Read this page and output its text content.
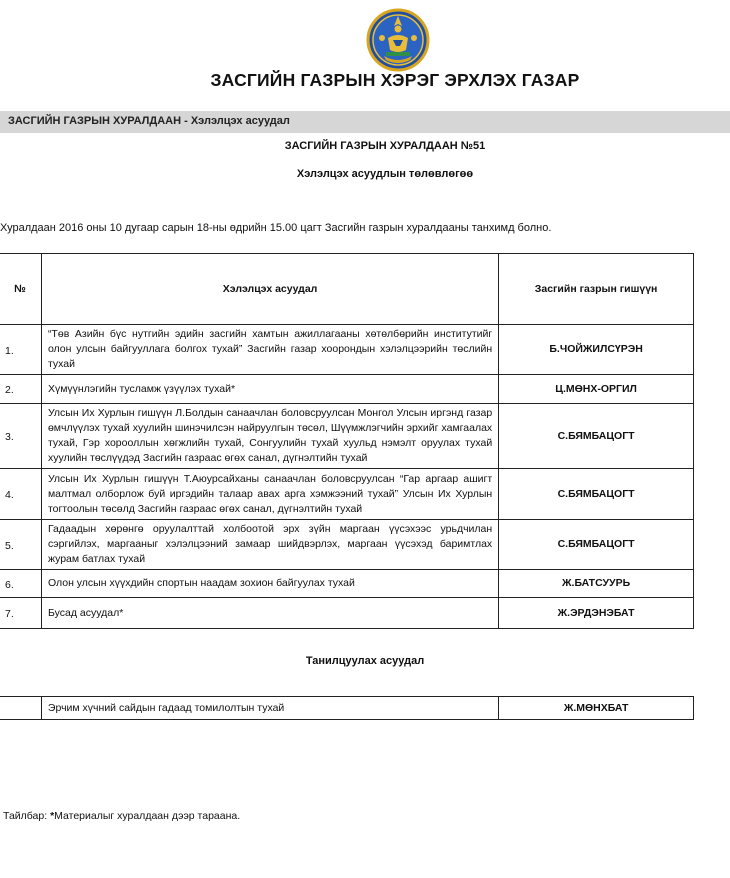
ЗАСГИЙН ГАЗРЫН ХЭРЭГ ЭРХЛЭХ ГАЗАР
ЗАСГИЙН ГАЗРЫН ХУРАЛДААН - Хэлэлцэх асуудал
ЗАСГИЙН ГАЗРЫН ХУРАЛДААН №51
Хэлэлцэх асуудлын төлөвлөгөө
Хуралдаан 2016 оны 10 дугаар сарын 18-ны өдрийн 15.00 цагт Засгийн газрын хуралдааны танхимд болно.
№	Хэлэлцэх асуудал	Засгийн газрын гишүүн
1.	“Төв Азийн бүс нутгийн эдийн засгийн хамтын ажиллагааны хөтөлбөрийн институтийг олон улсын байгууллага болгох тухай” Засгийн газар хоорондын хэлэлцээрийн төслийн тухай	Б.ЧОЙЖИЛСҮРЭН
2.	Хүмүүнлэгийн тусламж үзүүлэх тухай*	Ц.МӨНХ-ОРГИЛ
3.	Улсын Их Хурлын гишүүн Л.Болдын санаачлан боловсруулсан Монгол Улсын иргэнд газар өмчлүүлэх тухай хуулийн шинэчилсэн найруулгын төсөл, Шүүмжлэгчийн эрхийг хамгаалах тухай, Гэр хорооллын хөгжлийн тухай, Сонгуулийн тухай хуульд нэмэлт оруулах тухай хуулийн төслүүдэд Засгийн газраас өгөх санал, дүгнэлтийн тухай	С.БЯМБАЦОГТ
4.	Улсын Их Хурлын гишүүн Т.Аюурсайханы санаачлан боловсруулсан “Гар аргаар ашигт малтмал олборлож буй иргэдийн талаар авах арга хэмжээний тухай” Улсын Их Хурлын тогтоолын төсөлд Засгийн газраас өгөх санал, дүгнэлтийн тухай	С.БЯМБАЦОГТ
5.	Гадаадын хөрөнгө оруулалттай холбоотой эрх зүйн маргаан үүсэхээс урьдчилан сэргийлэх, маргааныг хэлэлцээний замаар шийдвэрлэх, маргаан үүсэхэд баримтлах журам батлах тухай	С.БЯМБАЦОГТ
6.	Олон улсын хүүхдийн спортын наадам зохион байгуулах тухай	Ж.БАТСУУРЬ
7.	Бусад асуудал*	Ж.ЭРДЭНЭБАТ
Танилцуулах асуудал
	Эрчим хүчний сайдын гадаад томилолтын тухай	Ж.МӨНХБАТ
Тайлбар: *Материалыг хуралдаан дээр тараана.
